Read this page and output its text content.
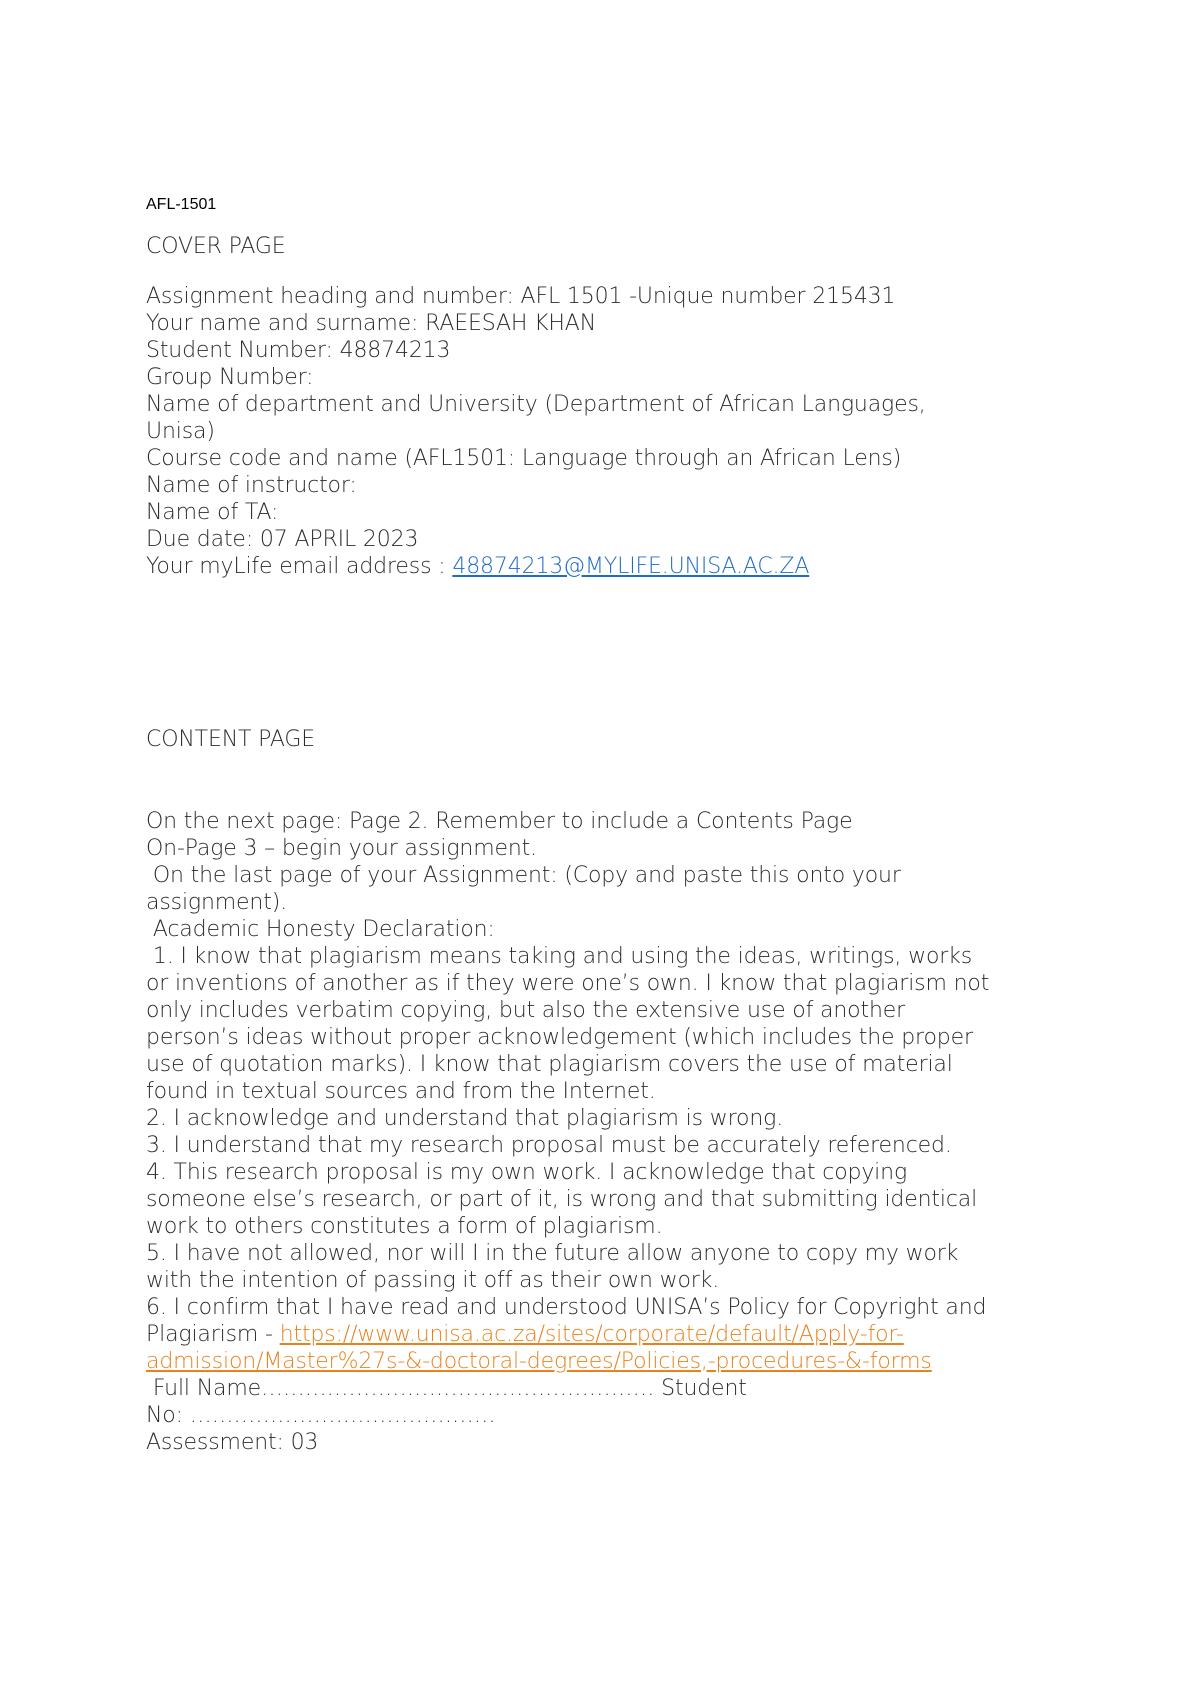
AFL-1501
COVER PAGE
Assignment heading and number: AFL 1501 -Unique number 215431
Your name and surname: RAEESAH KHAN
Student Number: 48874213
Group Number:
Name of department and University (Department of African Languages,
Unisa)
Course code and name (AFL1501: Language through an African Lens)
Name of instructor:
Name of TA:
Due date: 07 APRIL 2023
Your myLife email address : 48874213@MYLIFE.UNISA.AC.ZA
CONTENT PAGE
On the next page: Page 2. Remember to include a Contents Page
On-Page 3 – begin your assignment.
On the last page of your Assignment: (Copy and paste this onto your
assignment).
Academic Honesty Declaration:
1. I know that plagiarism means taking and using the ideas, writings, works
or inventions of another as if they were one’s own. I know that plagiarism not
only includes verbatim copying, but also the extensive use of another
person’s ideas without proper acknowledgement (which includes the proper
use of quotation marks). I know that plagiarism covers the use of material
found in textual sources and from the Internet.
2. I acknowledge and understand that plagiarism is wrong.
3. I understand that my research proposal must be accurately referenced.
4. This research proposal is my own work. I acknowledge that copying
someone else’s research, or part of it, is wrong and that submitting identical
work to others constitutes a form of plagiarism.
5. I have not allowed, nor will I in the future allow anyone to copy my work
with the intention of passing it off as their own work.
6. I confirm that I have read and understood UNISA’s Policy for Copyright and
Plagiarism - https://www.unisa.ac.za/sites/corporate/default/Apply-for-
admission/Master%27s-&-doctoral-degrees/Policies,-procedures-&-forms
Full Name……………………………………………… Student
No: ……………………………………
Assessment: 03
